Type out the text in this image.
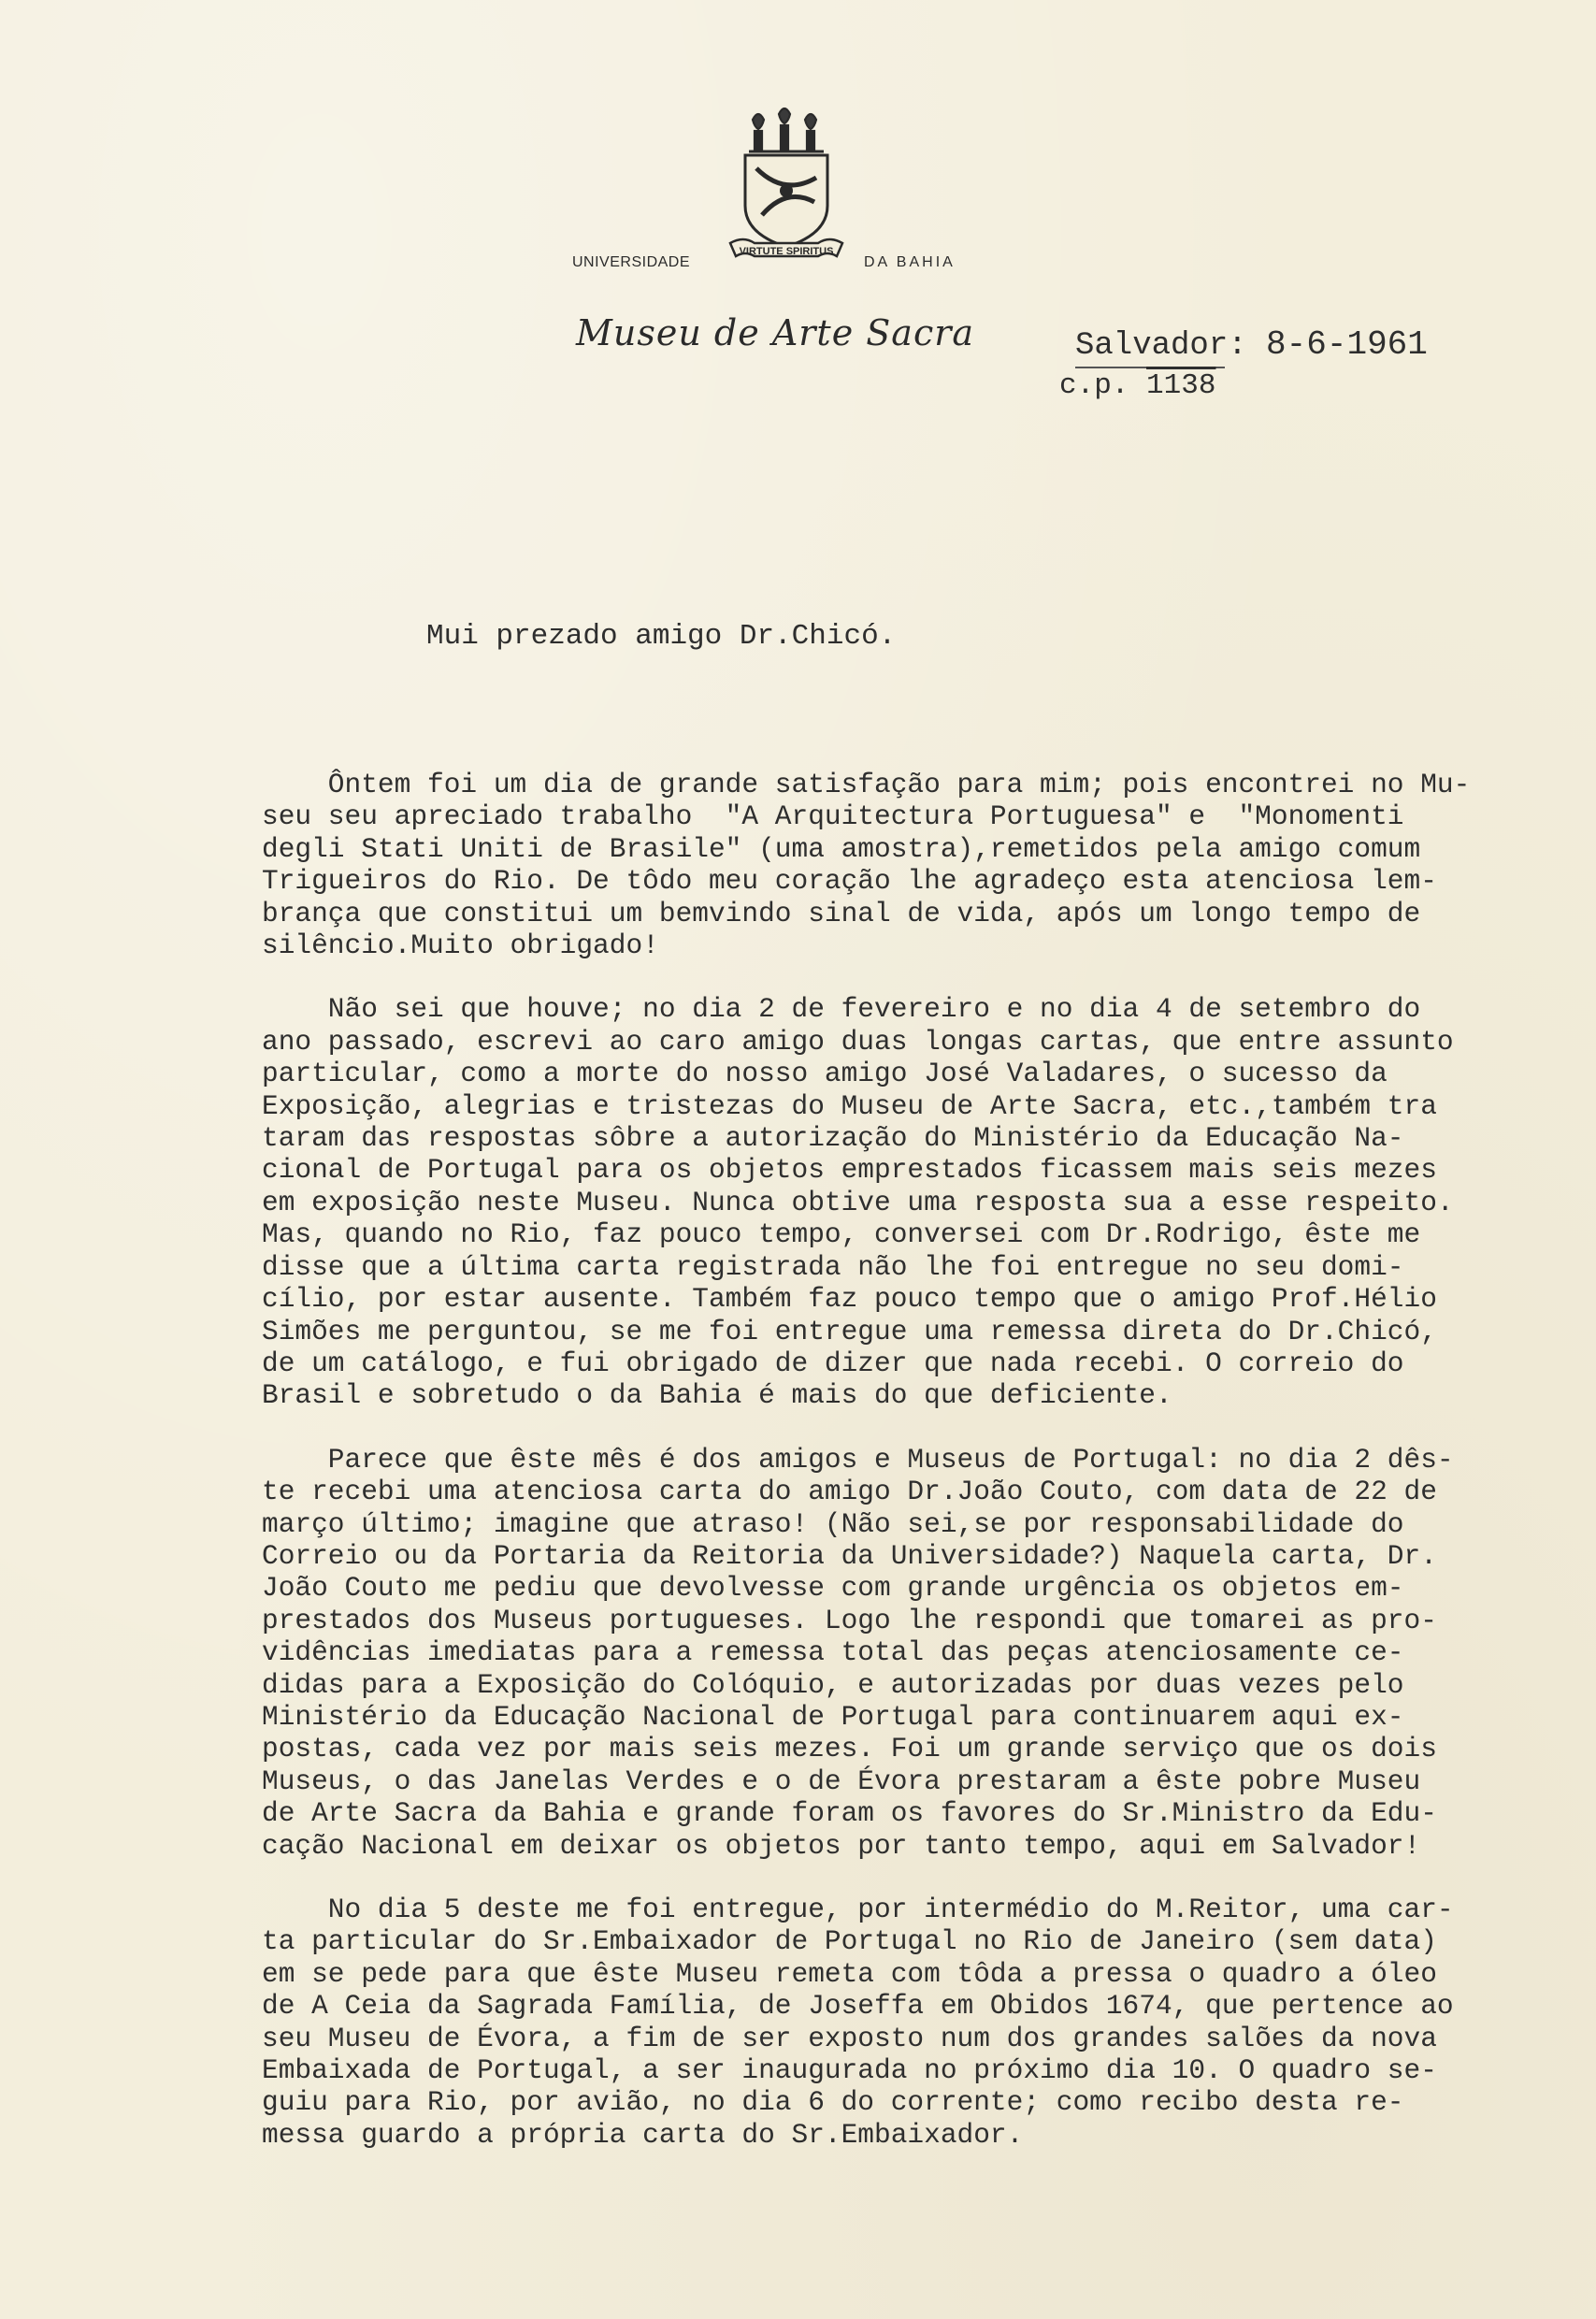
VIRTUTE SPIRITUS
UNIVERSIDADE	DA BAHIA
Museu de Arte Sacra	Salvador: 8-6-1961
c.p. 1138
Mui prezado amigo Dr.Chicó.

Ôntem foi um dia de grande satisfação para mim; pois encontrei no Mu-
seu seu apreciado trabalho  "A Arquitectura Portuguesa" e  "Monomenti
degli Stati Uniti de Brasile" (uma amostra),remetidos pela amigo comum
Trigueiros do Rio. De tôdo meu coração lhe agradeço esta atenciosa lem-
brança que constitui um bemvindo sinal de vida, após um longo tempo de
silêncio.Muito obrigado!

Não sei que houve; no dia 2 de fevereiro e no dia 4 de setembro do
ano passado, escrevi ao caro amigo duas longas cartas, que entre assunto
particular, como a morte do nosso amigo José Valadares, o sucesso da
Exposição, alegrias e tristezas do Museu de Arte Sacra, etc.,também tra
taram das respostas sôbre a autorização do Ministério da Educação Na-
cional de Portugal para os objetos emprestados ficassem mais seis mezes
em exposição neste Museu. Nunca obtive uma resposta sua a esse respeito.
Mas, quando no Rio, faz pouco tempo, conversei com Dr.Rodrigo, êste me
disse que a última carta registrada não lhe foi entregue no seu domi-
cílio, por estar ausente. Também faz pouco tempo que o amigo Prof.Hélio
Simões me perguntou, se me foi entregue uma remessa direta do Dr.Chicó,
de um catálogo, e fui obrigado de dizer que nada recebi. O correio do
Brasil e sobretudo o da Bahia é mais do que deficiente.

Parece que êste mês é dos amigos e Museus de Portugal: no dia 2 dês-
te recebi uma atenciosa carta do amigo Dr.João Couto, com data de 22 de
março último; imagine que atraso! (Não sei,se por responsabilidade do
Correio ou da Portaria da Reitoria da Universidade?) Naquela carta, Dr.
João Couto me pediu que devolvesse com grande urgência os objetos em-
prestados dos Museus portugueses. Logo lhe respondi que tomarei as pro-
vidências imediatas para a remessa total das peças atenciosamente ce-
didas para a Exposição do Colóquio, e autorizadas por duas vezes pelo
Ministério da Educação Nacional de Portugal para continuarem aqui ex-
postas, cada vez por mais seis mezes. Foi um grande serviço que os dois
Museus, o das Janelas Verdes e o de Évora prestaram a êste pobre Museu
de Arte Sacra da Bahia e grande foram os favores do Sr.Ministro da Edu-
cação Nacional em deixar os objetos por tanto tempo, aqui em Salvador!

No dia 5 deste me foi entregue, por intermédio do M.Reitor, uma car-
ta particular do Sr.Embaixador de Portugal no Rio de Janeiro (sem data)
em se pede para que êste Museu remeta com tôda a pressa o quadro a óleo
de A Ceia da Sagrada Família, de Joseffa em Obidos 1674, que pertence ao
seu Museu de Évora, a fim de ser exposto num dos grandes salões da nova
Embaixada de Portugal, a ser inaugurada no próximo dia 10. O quadro se-
guiu para Rio, por avião, no dia 6 do corrente; como recibo desta re-
messa guardo a própria carta do Sr.Embaixador.
